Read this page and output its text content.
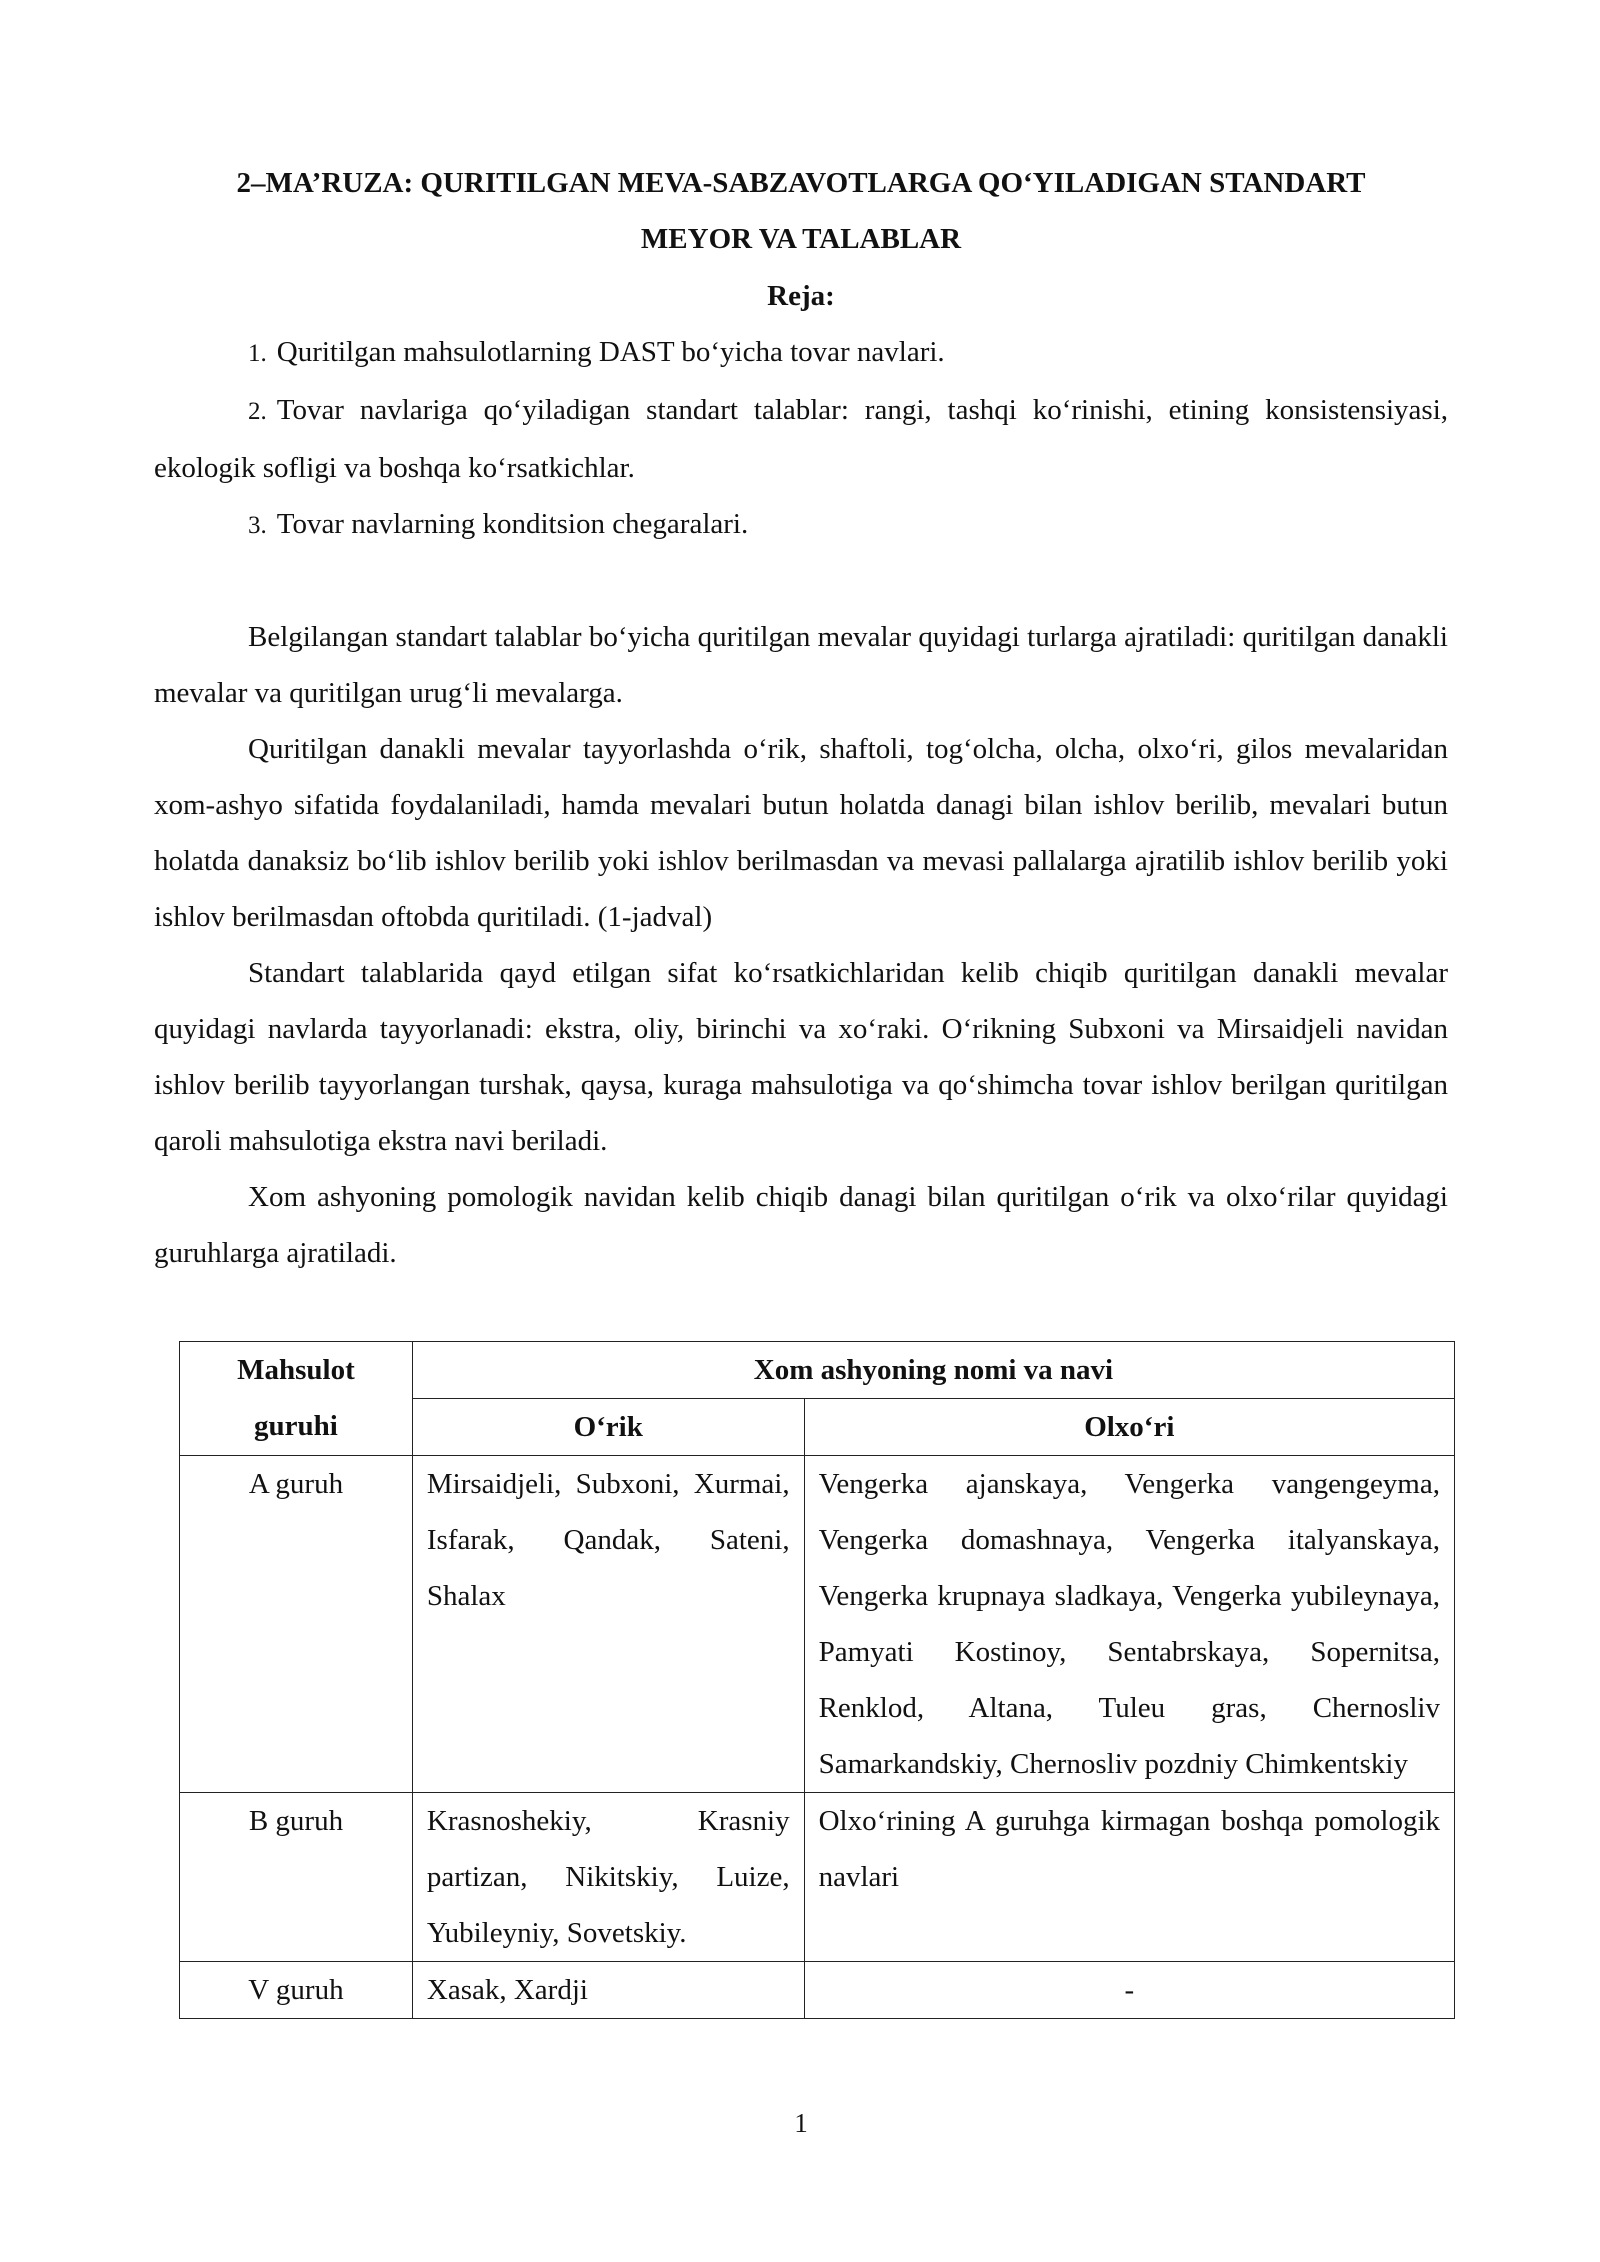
2–MA’RUZA: QURITILGAN MEVA-SABZAVOTLARGA QO‘YILADIGAN STANDART
MEYOR VA TALABLAR
Reja:
1. Quritilgan mahsulotlarning DAST bo‘yicha tovar navlari.
2. Tovar navlariga qo‘yiladigan standart talablar: rangi, tashqi ko‘rinishi, etining konsistensiyasi, ekologik sofligi va boshqa ko‘rsatkichlar.
3. Tovar navlarning konditsion chegaralari.

Belgilangan standart talablar bo‘yicha quritilgan mevalar quyidagi turlarga ajratiladi: quritilgan danakli mevalar va quritilgan urug‘li mevalarga.

Quritilgan danakli mevalar tayyorlashda o‘rik, shaftoli, tog‘olcha, olcha, olxo‘ri, gilos mevalaridan xom-ashyo sifatida foydalaniladi, hamda mevalari butun holatda danagi bilan ishlov berilib, mevalari butun holatda danaksiz bo‘lib ishlov berilib yoki ishlov berilmasdan va mevasi pallalarga ajratilib ishlov berilib yoki ishlov berilmasdan oftobda quritiladi. (1-jadval)

Standart talablarida qayd etilgan sifat ko‘rsatkichlaridan kelib chiqib quritilgan danakli mevalar quyidagi navlarda tayyorlanadi: ekstra, oliy, birinchi va xo‘raki. O‘rikning Subxoni va Mirsaidjeli navidan ishlov berilib tayyorlangan turshak, qaysa, kuraga mahsulotiga va qo‘shimcha tovar ishlov berilgan quritilgan qaroli mahsulotiga ekstra navi beriladi.

Xom ashyoning pomologik navidan kelib chiqib danagi bilan quritilgan o‘rik va olxo‘rilar quyidagi guruhlarga ajratiladi.

Mahsulot
guruhi	Xom ashyoning nomi va navi	
	O‘rik	Olxo‘ri
A guruh	Mirsaidjeli, Subxoni, Xurmai, Isfarak, Qandak, Sateni, Shalax	Vengerka ajanskaya, Vengerka vangengeyma, Vengerka domashnaya, Vengerka italyanskaya, Vengerka krupnaya sladkaya, Vengerka yubileynaya, Pamyati Kostinoy, Sentabrskaya, Sopernitsa, Renklod, Altana, Tuleu gras, Chernosliv Samarkandskiy, Chernosliv pozdniy Chimkentskiy
B guruh	Krasnoshekiy, Krasniy partizan, Nikitskiy, Luize, Yubileyniy, Sovetskiy.	Olxo‘rining A guruhga kirmagan boshqa pomologik navlari
V guruh	Xasak, Xardji	-
1
